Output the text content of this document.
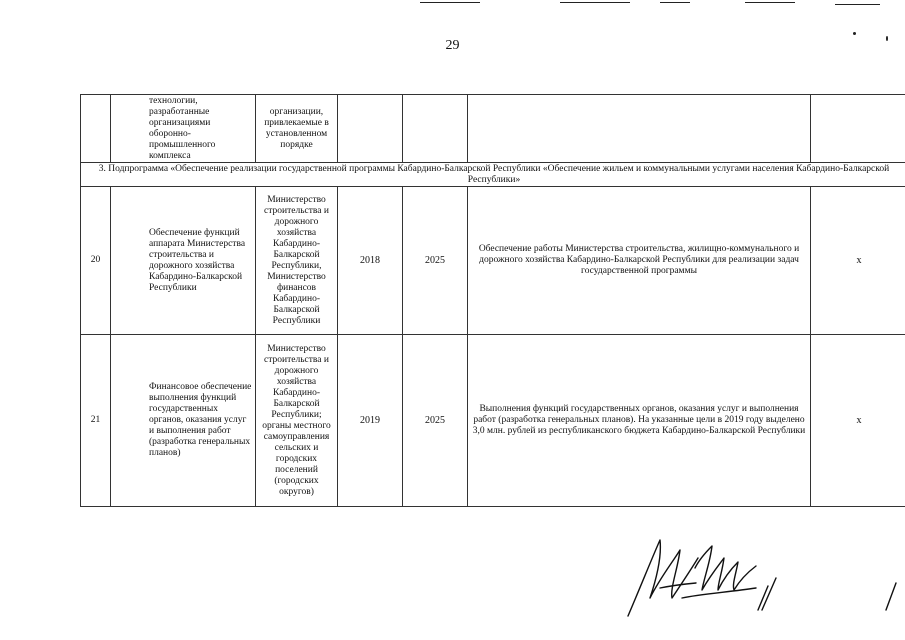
29
	технологии, разработанные организациями оборонно-промышленного комплекса	организации, привлекаемые в установленном порядке				
3. Подпрограмма «Обеспечение реализации государственной программы Кабардино-Балкарской Республики «Обеспечение жильем и коммунальными услугами населения Кабардино-Балкарской Республики»						
20	Обеспечение функций аппарата Министерства строительства и дорожного хозяйства Кабардино-Балкарской Республики	Министерство строительства и дорожного хозяйства Кабардино-Балкарской Республики, Министерство финансов Кабардино-Балкарской Республики	2018	2025	Обеспечение работы Министерства строительства, жилищно-коммунального и дорожного хозяйства Кабардино-Балкарской Республики для реализации задач государственной программы	x
21	Финансовое обеспечение выполнения функций государственных органов, оказания услуг и выполнения работ (разработка генеральных планов)	Министерство строительства и дорожного хозяйства Кабардино-Балкарской Республики; органы местного самоуправления сельских и городских поселений (городских округов)	2019	2025	Выполнения функций государственных органов, оказания услуг и выполнения работ (разработка генеральных планов). На указанные цели в 2019 году выделено 3,0 млн. рублей из республиканского бюджета Кабардино-Балкарской Республики	x
